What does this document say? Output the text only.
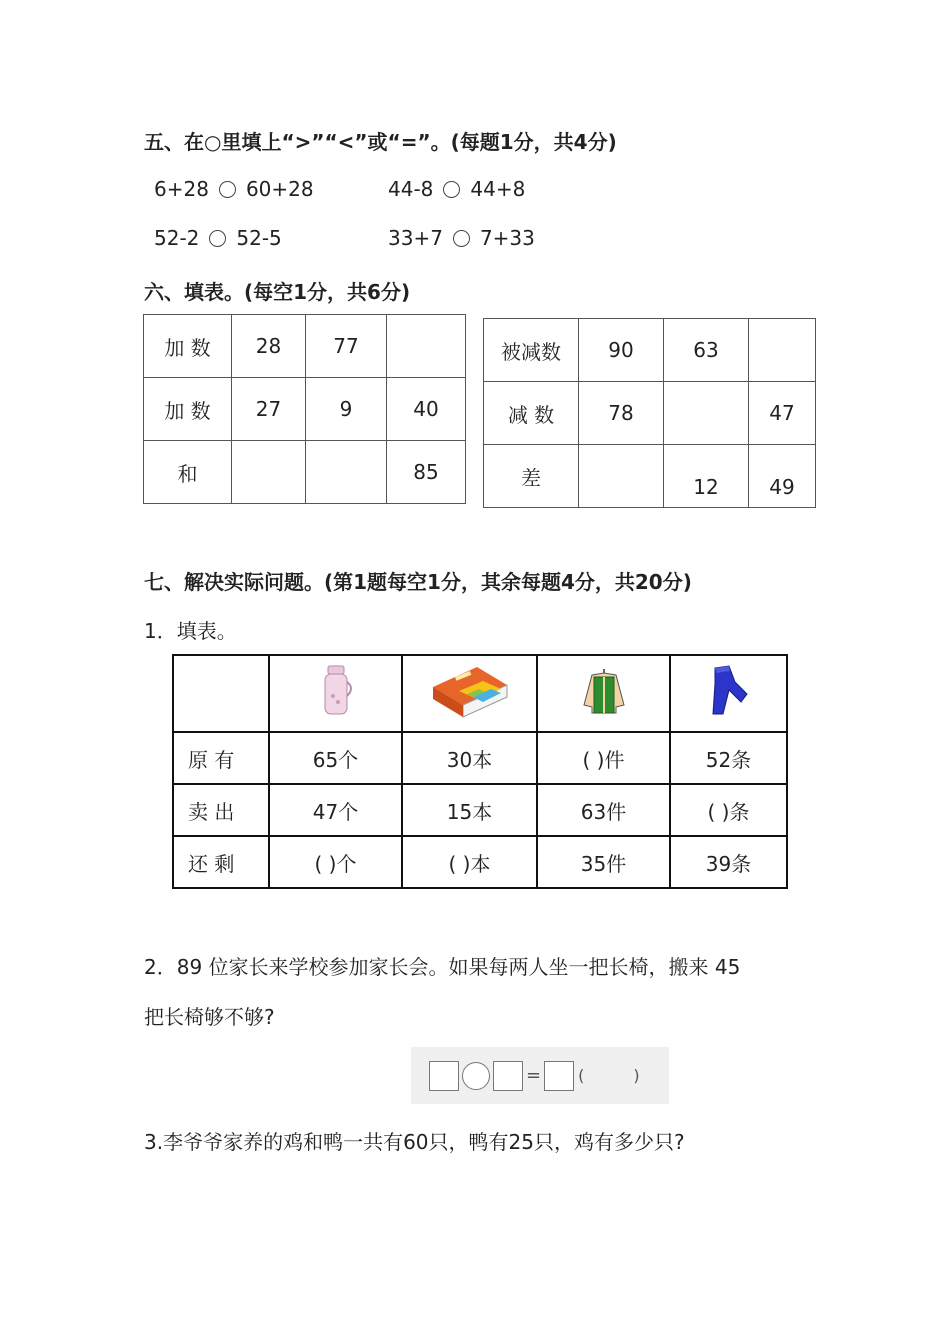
五、在○里填上“>”“<”或“=”。(每题1分，共4分)
6+28 60+28	44-8 44+8
52-2 52-5	33+7 7+33
六、填表。(每空1分，共6分)
加 数	28	77	
加 数	27	9	40
和			85
被减数	90	63	
减 数	78		47
差		12	49
七、解决实际问题。(第1题每空1分，其余每题4分，共20分)
1．填表。

原 有	65个	30本	( )件	52条
卖 出	47个	15本	63件	( )条
还 剩	( )个	( )本	35件	39条
2．89 位家长来学校参加家长会。如果每两人坐一把长椅，搬来 45
把长椅够不够?
= ( )
3.李爷爷家养的鸡和鸭一共有60只，鸭有25只，鸡有多少只?
